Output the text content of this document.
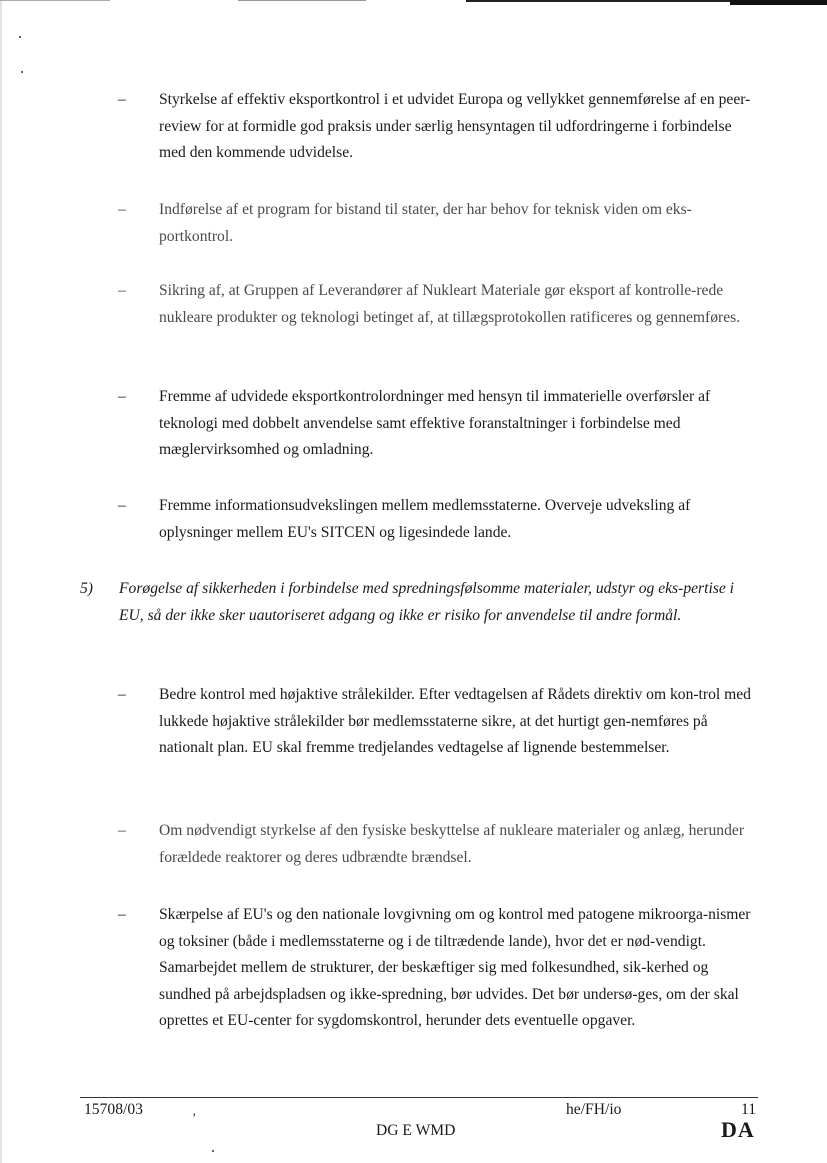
–	Styrkelse af effektiv eksportkontrol i et udvidet Europa og vellykket gennemførelse af en peer-review for at formidle god praksis under særlig hensyntagen til udfordringerne i forbindelse med den kommende udvidelse.
–	Indførelse af et program for bistand til stater, der har behov for teknisk viden om eks-portkontrol.
–	Sikring af, at Gruppen af Leverandører af Nukleart Materiale gør eksport af kontrolle-rede nukleare produkter og teknologi betinget af, at tillægsprotokollen ratificeres og gennemføres.
–	Fremme af udvidede eksportkontrolordninger med hensyn til immaterielle overførsler af teknologi med dobbelt anvendelse samt effektive foranstaltninger i forbindelse med mæglervirksomhed og omladning.
–	Fremme informationsudvekslingen mellem medlemsstaterne. Overveje udveksling af oplysninger mellem EU's SITCEN og ligesindede lande.
5) Forøgelse af sikkerheden i forbindelse med spredningsfølsomme materialer, udstyr og eks-pertise i EU, så der ikke sker uautoriseret adgang og ikke er risiko for anvendelse til andre formål.
–	Bedre kontrol med højaktive strålekilder. Efter vedtagelsen af Rådets direktiv om kon-trol med lukkede højaktive strålekilder bør medlemsstaterne sikre, at det hurtigt gen-nemføres på nationalt plan. EU skal fremme tredjelandes vedtagelse af lignende bestemmelser.
–	Om nødvendigt styrkelse af den fysiske beskyttelse af nukleare materialer og anlæg, herunder forældede reaktorer og deres udbrændte brændsel.
–	Skærpelse af EU's og den nationale lovgivning om og kontrol med patogene mikroorga-nismer og toksiner (både i medlemsstaterne og i de tiltrædende lande), hvor det er nød-vendigt. Samarbejdet mellem de strukturer, der beskæftiger sig med folkesundhed, sik-kerhed og sundhed på arbejdspladsen og ikke-spredning, bør udvides. Det bør undersø-ges, om der skal oprettes et EU-center for sygdomskontrol, herunder dets eventuelle opgaver.
15708/03	‚	he/FH/io	11
DG E WMD	DA
